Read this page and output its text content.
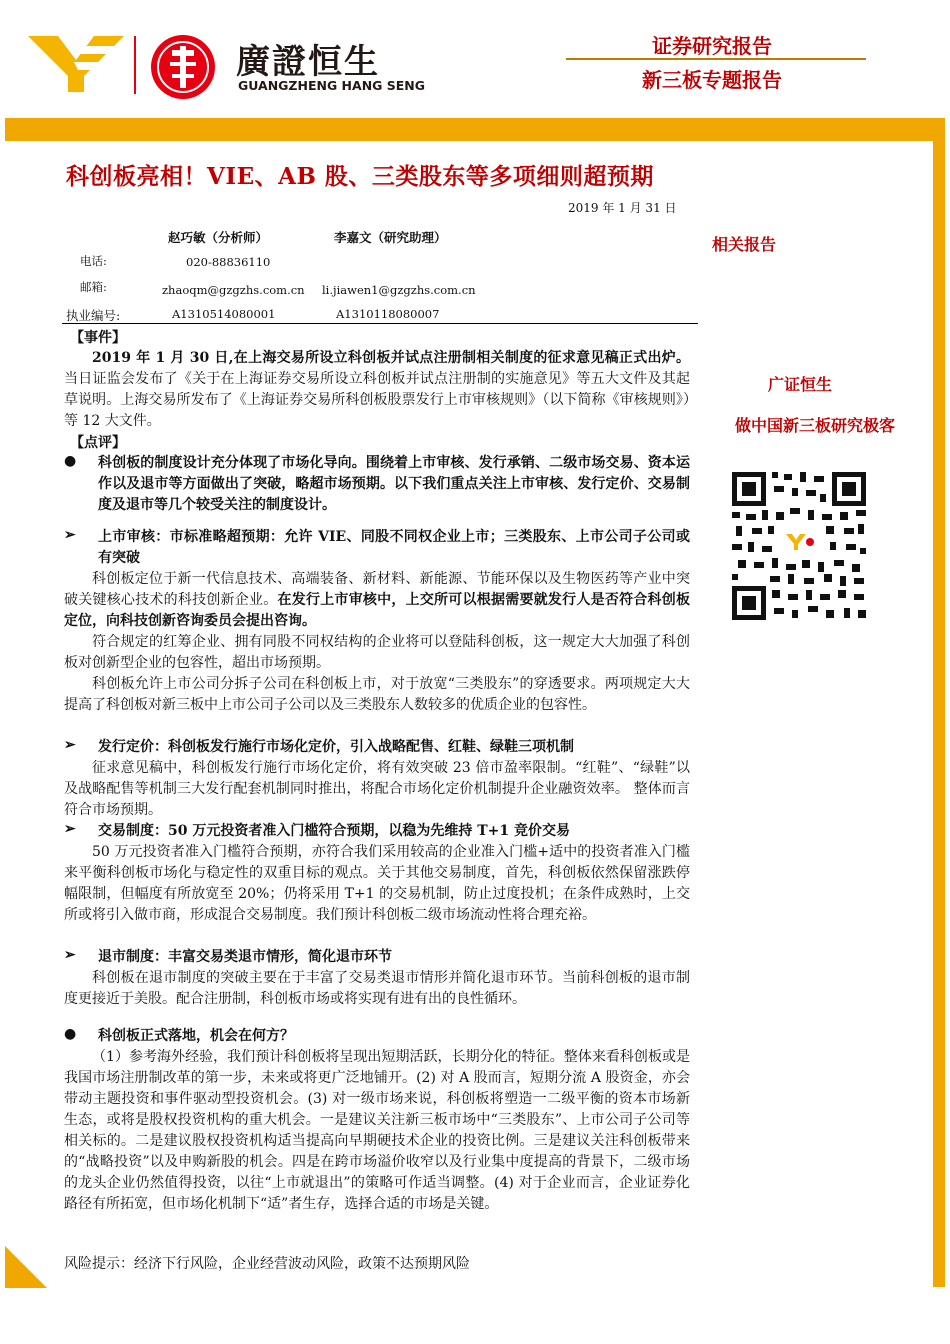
廣證恒生
GUANGZHENG HANG SENG
证券研究报告
新三板专题报告
科创板亮相！VIE、AB 股、三类股东等多项细则超预期
2019 年 1 月 31 日
赵巧敏（分析师）	李嘉文（研究助理）
电话:	020-88836110
邮箱:	zhaoqm@gzgzhs.com.cn li.jiawen1@gzgzhs.com.cn
执业编号:	A1310514080001	A1310118080007
相关报告
广证恒生
做中国新三板研究极客
【事件】
2019 年 1 月 30 日,在上海交易所设立科创板并试点注册制相关制度的征求意见稿正式出炉。当日证监会发布了《关于在上海证券交易所设立科创板并试点注册制的实施意见》等五大文件及其起草说明。上海交易所发布了《上海证券交易所科创板股票发行上市审核规则》（以下简称《审核规则》）等 12 大文件。
【点评】
● 科创板的制度设计充分体现了市场化导向。围绕着上市审核、发行承销、二级市场交易、资本运作以及退市等方面做出了突破，略超市场预期。以下我们重点关注上市审核、发行定价、交易制度及退市等几个较受关注的制度设计。
➢ 上市审核：市标准略超预期：允许 VIE、同股不同权企业上市；三类股东、上市公司子公司或有突破
科创板定位于新一代信息技术、高端装备、新材料、新能源、节能环保以及生物医药等产业中突破关键核心技术的科技创新企业。在发行上市审核中，上交所可以根据需要就发行人是否符合科创板定位，向科技创新咨询委员会提出咨询。
符合规定的红筹企业、拥有同股不同权结构的企业将可以登陆科创板，这一规定大大加强了科创板对创新型企业的包容性，超出市场预期。
科创板允许上市公司分拆子公司在科创板上市，对于放宽“三类股东”的穿透要求。两项规定大大提高了科创板对新三板中上市公司子公司以及三类股东人数较多的优质企业的包容性。
➢ 发行定价：科创板发行施行市场化定价，引入战略配售、红鞋、绿鞋三项机制
征求意见稿中，科创板发行施行市场化定价，将有效突破 23 倍市盈率限制。“红鞋”、“绿鞋”以及战略配售等机制三大发行配套机制同时推出，将配合市场化定价机制提升企业融资效率。 整体而言符合市场预期。
➢ 交易制度：50 万元投资者准入门槛符合预期，以稳为先维持 T+1 竞价交易
50 万元投资者准入门槛符合预期，亦符合我们采用较高的企业准入门槛+适中的投资者准入门槛来平衡科创板市场化与稳定性的双重目标的观点。关于其他交易制度，首先，科创板依然保留涨跌停幅限制，但幅度有所放宽至 20%；仍将采用 T+1 的交易机制，防止过度投机；在条件成熟时，上交所或将引入做市商，形成混合交易制度。我们预计科创板二级市场流动性将合理充裕。
➢ 退市制度：丰富交易类退市情形，简化退市环节
科创板在退市制度的突破主要在于丰富了交易类退市情形并简化退市环节。当前科创板的退市制度更接近于美股。配合注册制，科创板市场或将实现有进有出的良性循环。
● 科创板正式落地，机会在何方？
（1）参考海外经验，我们预计科创板将呈现出短期活跃，长期分化的特征。整体来看科创板或是我国市场注册制改革的第一步，未来或将更广泛地铺开。(2) 对 A 股而言，短期分流 A 股资金，亦会带动主题投资和事件驱动型投资机会。(3) 对一级市场来说，科创板将塑造一二级平衡的资本市场新生态，或将是股权投资机构的重大机会。一是建议关注新三板市场中“三类股东”、上市公司子公司等相关标的。二是建议股权投资机构适当提高向早期硬技术企业的投资比例。三是建议关注科创板带来的“战略投资”以及申购新股的机会。四是在跨市场溢价收窄以及行业集中度提高的背景下，二级市场的龙头企业仍然值得投资，以往“上市就退出”的策略可作适当调整。(4) 对于企业而言，企业证券化路径有所拓宽，但市场化机制下“适”者生存，选择合适的市场是关键。
风险提示：经济下行风险，企业经营波动风险，政策不达预期风险
